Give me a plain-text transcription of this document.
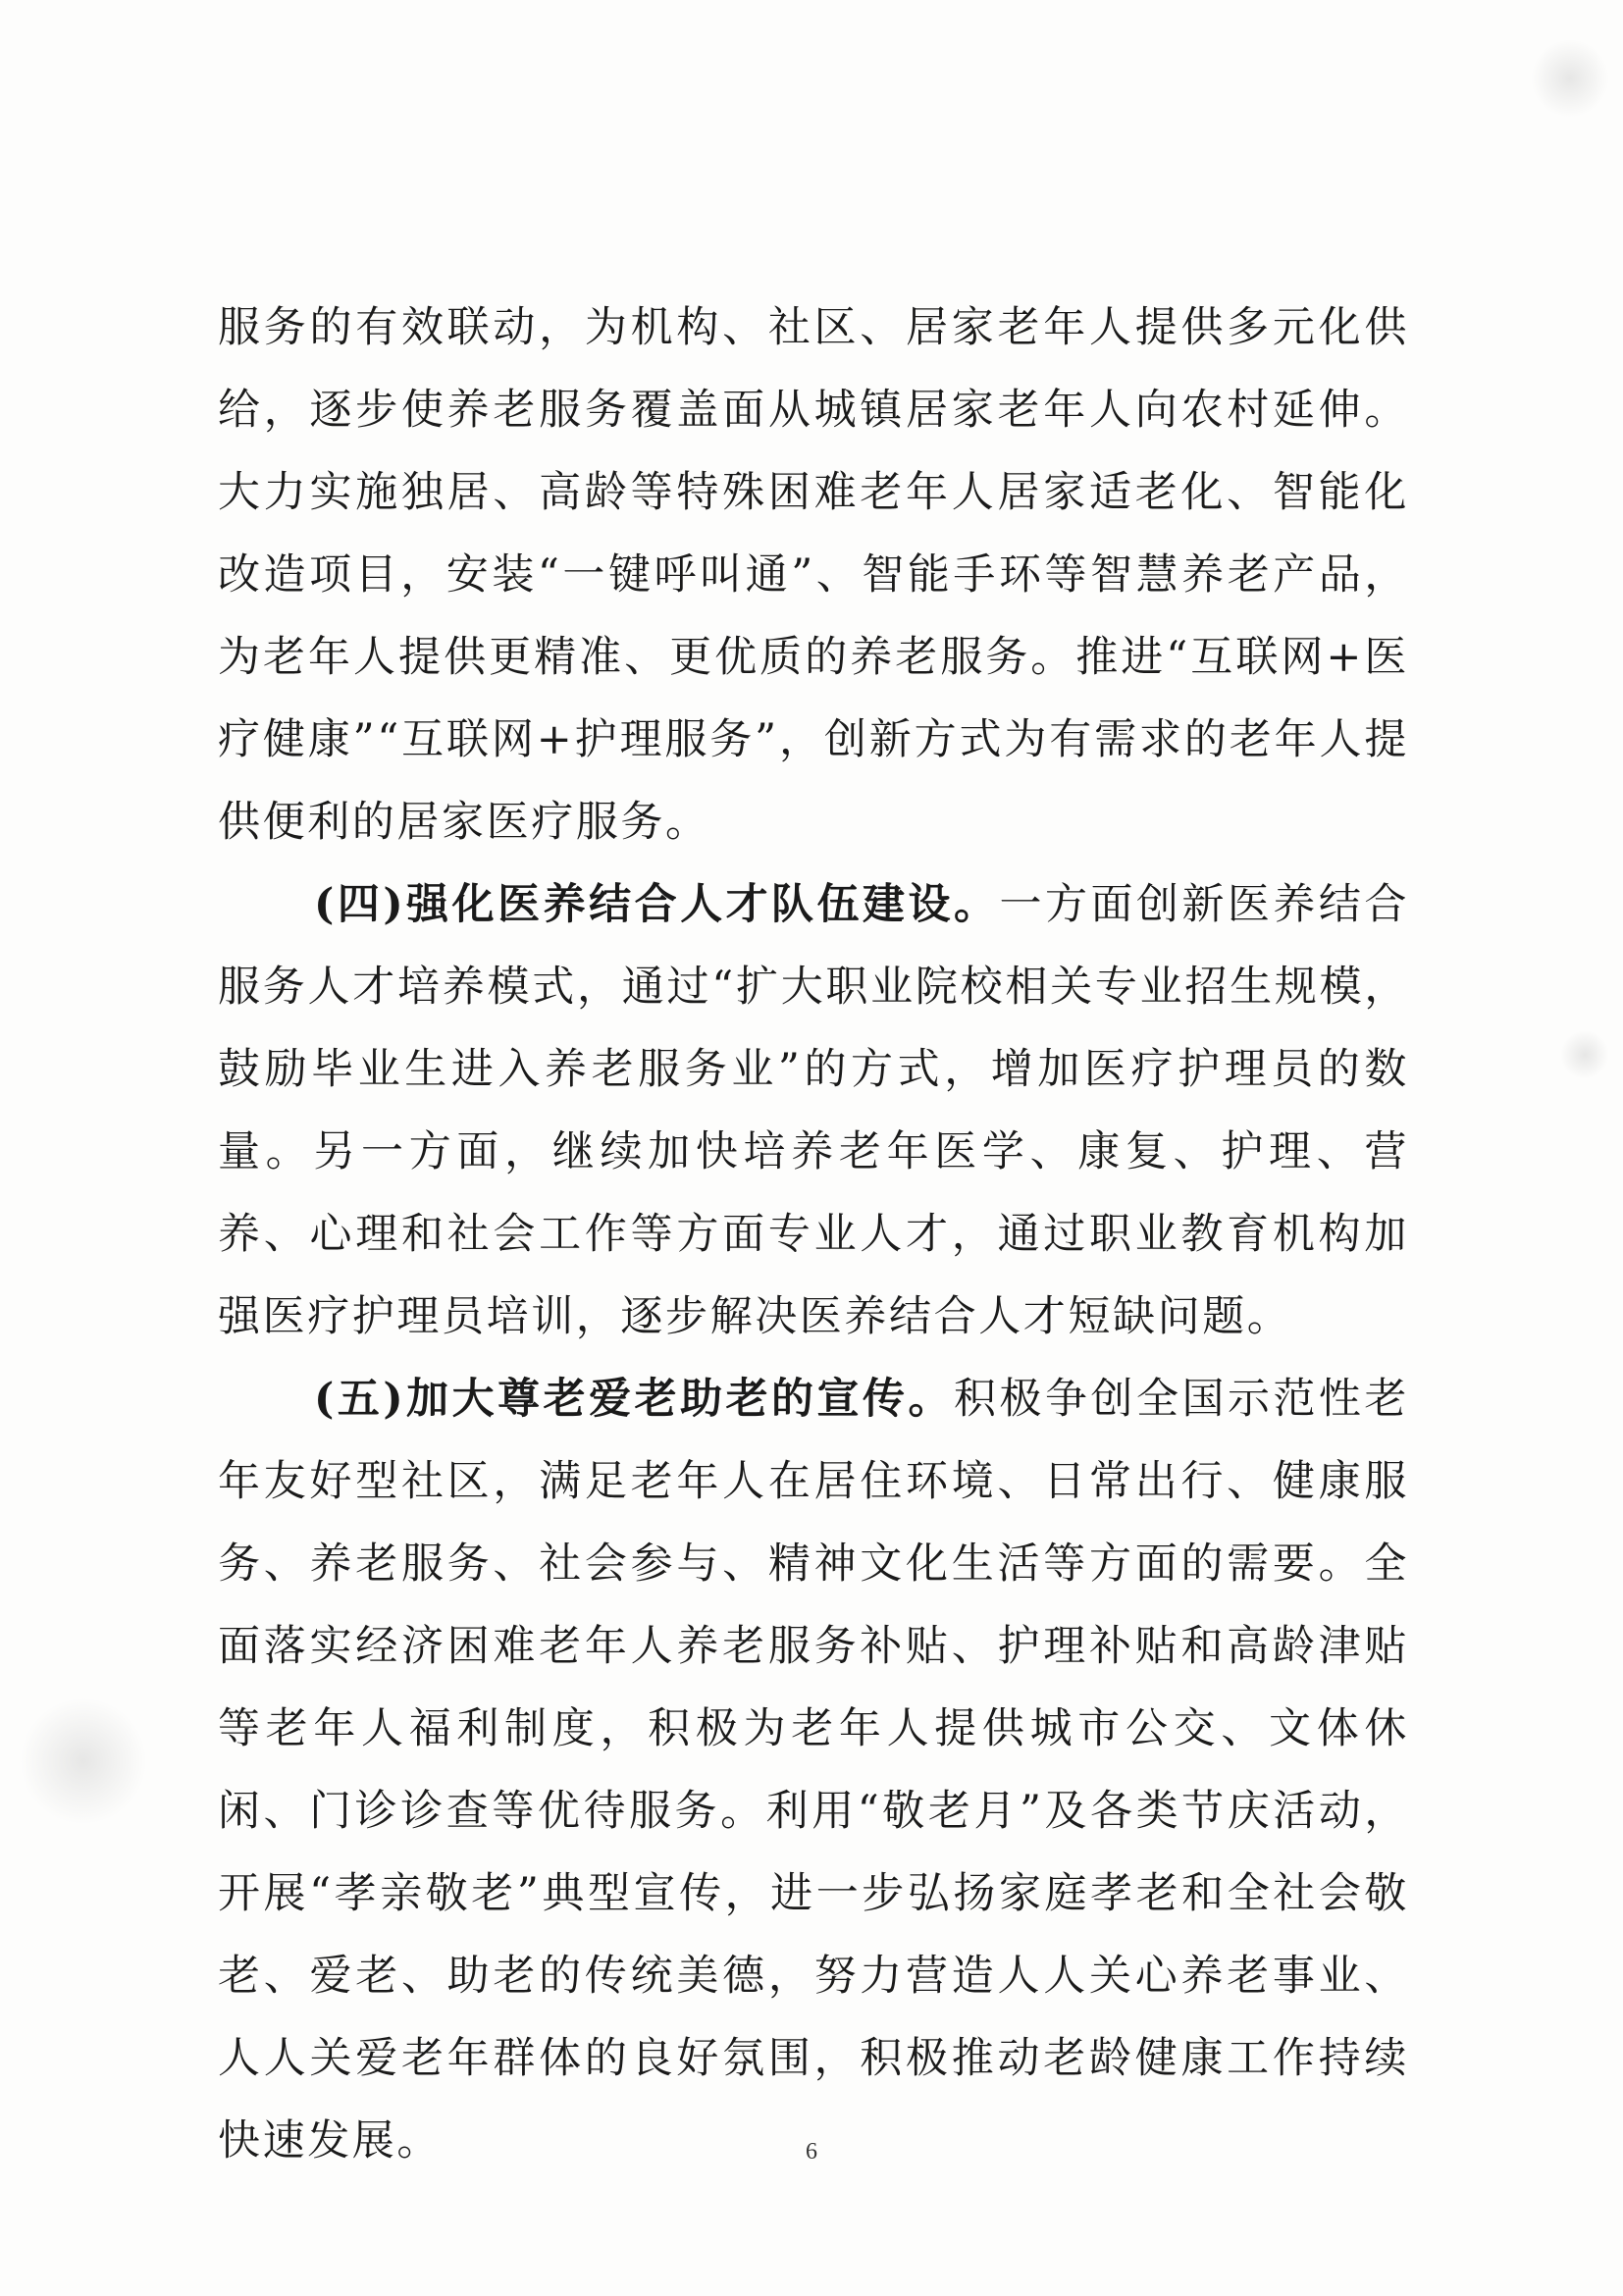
服务的有效联动，为机构、社区、居家老年人提供多元化供给，逐步使养老服务覆盖面从城镇居家老年人向农村延伸。大力实施独居、高龄等特殊困难老年人居家适老化、智能化改造项目，安装“一键呼叫通”、智能手环等智慧养老产品，为老年人提供更精准、更优质的养老服务。推进“互联网+医疗健康”“互联网+护理服务”，创新方式为有需求的老年人提供便利的居家医疗服务。

(四)强化医养结合人才队伍建设。一方面创新医养结合服务人才培养模式，通过“扩大职业院校相关专业招生规模，鼓励毕业生进入养老服务业”的方式，增加医疗护理员的数量。另一方面，继续加快培养老年医学、康复、护理、营养、心理和社会工作等方面专业人才，通过职业教育机构加强医疗护理员培训，逐步解决医养结合人才短缺问题。

(五)加大尊老爱老助老的宣传。积极争创全国示范性老年友好型社区，满足老年人在居住环境、日常出行、健康服务、养老服务、社会参与、精神文化生活等方面的需要。全面落实经济困难老年人养老服务补贴、护理补贴和高龄津贴等老年人福利制度，积极为老年人提供城市公交、文体休闲、门诊诊查等优待服务。利用“敬老月”及各类节庆活动，开展“孝亲敬老”典型宣传，进一步弘扬家庭孝老和全社会敬老、爱老、助老的传统美德，努力营造人人关心养老事业、人人关爱老年群体的良好氛围，积极推动老龄健康工作持续快速发展。	6
